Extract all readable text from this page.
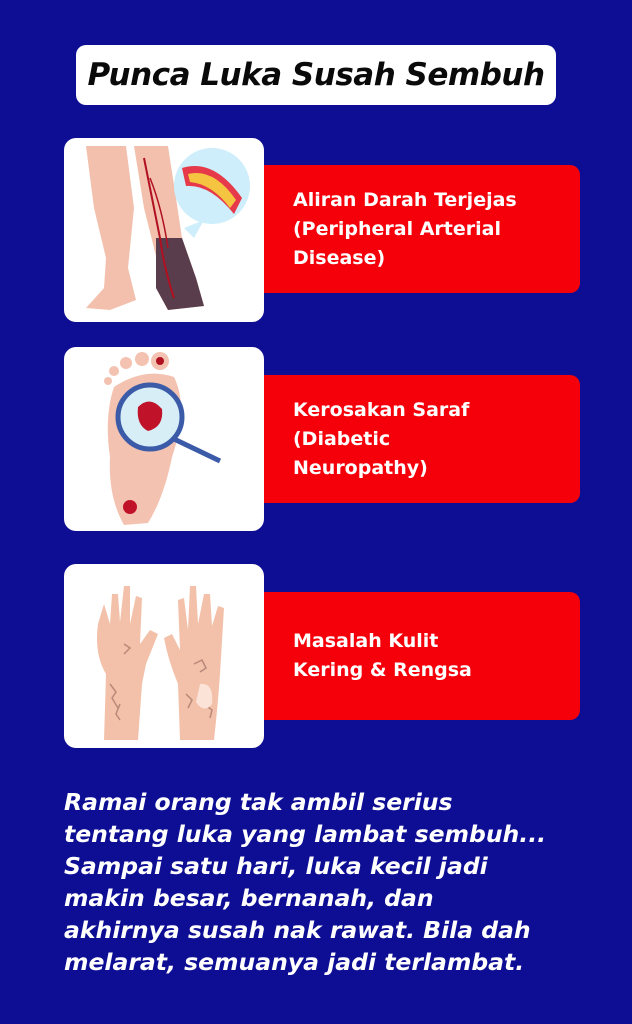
Punca Luka Susah Sembuh
Aliran Darah Terjejas
(Peripheral Arterial
Disease)
Kerosakan Saraf
(Diabetic
Neuropathy)
Masalah Kulit
Kering & Rengsa

Ramai orang tak ambil serius
tentang luka yang lambat sembuh...
Sampai satu hari, luka kecil jadi
makin besar, bernanah, dan
akhirnya susah nak rawat. Bila dah
melarat, semuanya jadi terlambat.
